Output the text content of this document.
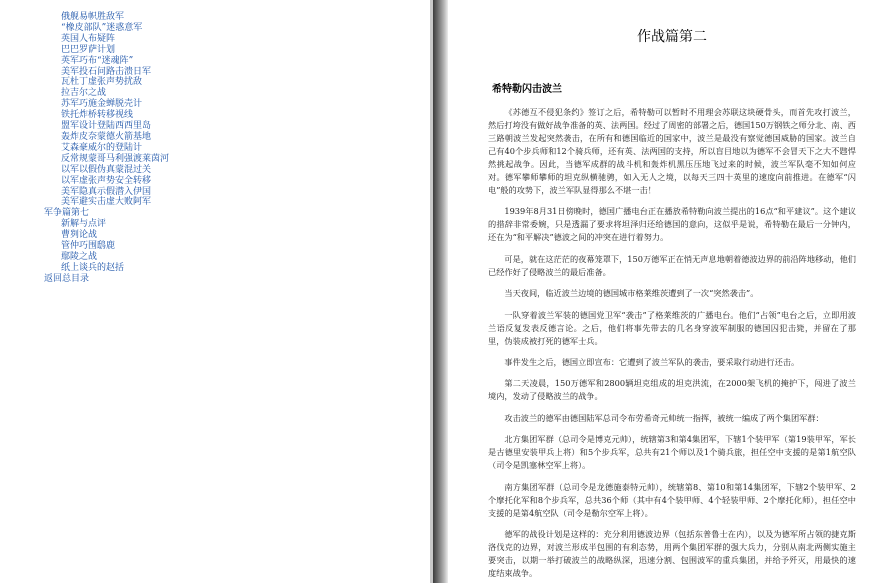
俄舰易帜胜敌军
“橡皮部队”迷惑意军
英国人布疑阵
巴巴罗萨计划
英军巧布“迷魂阵”
美军投石问路击溃日军
瓦杜丁虚张声势扰敌
拉吉尔之战
苏军巧施金蝉脱壳计
铁托炸桥转移视线
盟军设计登陆西西里岛
轰炸皮奈蒙德火箭基地
艾森豪威尔的登陆计
反常规蒙哥马利强渡莱茵河
以军以假伪真蒙混过关
以军虚张声势安全转移
美军隐真示假潜入伊国
美军避实击虚大败阿军
军争篇第七
新解与点评
曹刿论战
管仲巧围鸱鹿
鄢陵之战
纸上谈兵的赵括
返回总目录
作战篇第二
希特勒闪击波兰

《苏德互不侵犯条约》签订之后，希特勒可以暂时不用理会苏联这块硬骨头，而首先攻打波兰，然后打垮没有做好战争准备的英、法两国。经过了周密的部署之后，德国150万钢铁之师分北、南、西三路朝波兰发起突然袭击，在所有和德国临近的国家中，波兰是最没有察觉德国威胁的国家。波兰自己有40个步兵师和12个骑兵师，还有英、法两国的支持，所以盲目地以为德军不会冒天下之大不韪悍然挑起战争。因此，当德军成群的战斗机和轰炸机黑压压地飞过来的时候，波兰军队毫不知如何应对。德军攀师攀师的坦克纵横驰骋，如入无人之境，以每天三四十英里的速度向前推进。在德军“闪电”般的攻势下，波兰军队显得那么不堪一击！

1939年8月31日傍晚时，德国广播电台正在播放希特勒向波兰提出的16点“和平建议”。这个建议的措辞非常委婉，只是透漏了要求将坦泽归还给德国的意向，这似乎是说，希特勒在最后一分钟内，还在为“和平解决”德波之间的冲突在进行着努力。

可是，就在这茫茫的夜幕笼罩下，150万德军正在悄无声息地朝着德波边界的前沿阵地移动，他们已经作好了侵略波兰的最后准备。

当天夜间，临近波兰边境的德国城市格莱维茨遭到了一次“突然袭击”。

一队穿着波兰军装的德国党卫军“袭击”了格莱维茨的广播电台。他们“占领”电台之后，立即用波兰语反复发表反德言论。之后，他们将事先带去的几名身穿波军制服的德国囚犯击毙，并留在了那里，伪装成被打死的德军士兵。

事件发生之后，德国立即宣布：它遭到了波兰军队的袭击，要采取行动进行还击。

第二天凌晨，150万德军和2800辆坦克组成的坦克洪流，在2000架飞机的掩护下，闯进了波兰境内，发动了侵略波兰的战争。

攻击波兰的德军由德国陆军总司令布劳希奇元帅统一指挥，被统一编成了两个集团军群：

北方集团军群（总司令是博克元帅），统辖第3和第4集团军，下辖1个装甲军（第19装甲军，军长是古德里安装甲兵上将）和5个步兵军，总共有21个师以及1个骑兵旅，担任空中支援的是第1航空队（司令是凯塞林空军上将）。

南方集团军群（总司令是龙德施泰特元帅），统辖第8、第10和第14集团军，下辖2个装甲军、2个摩托化军和8个步兵军，总共36个师（其中有4个装甲师、4个轻装甲师、2个摩托化师），担任空中支援的是第4航空队（司令是勒尔空军上将）。

德军的战役计划是这样的：充分利用德波边界（包括东普鲁士在内），以及为德军所占领的捷克斯洛伐克的边界，对波兰形成半包围的有利态势，用两个集团军群的强大兵力，分别从南北两侧实施主要突击，以期一举打破波兰的战略纵深，迅速分割、包围波军的重兵集团，并给予歼灭，用最快的速度结束战争。
